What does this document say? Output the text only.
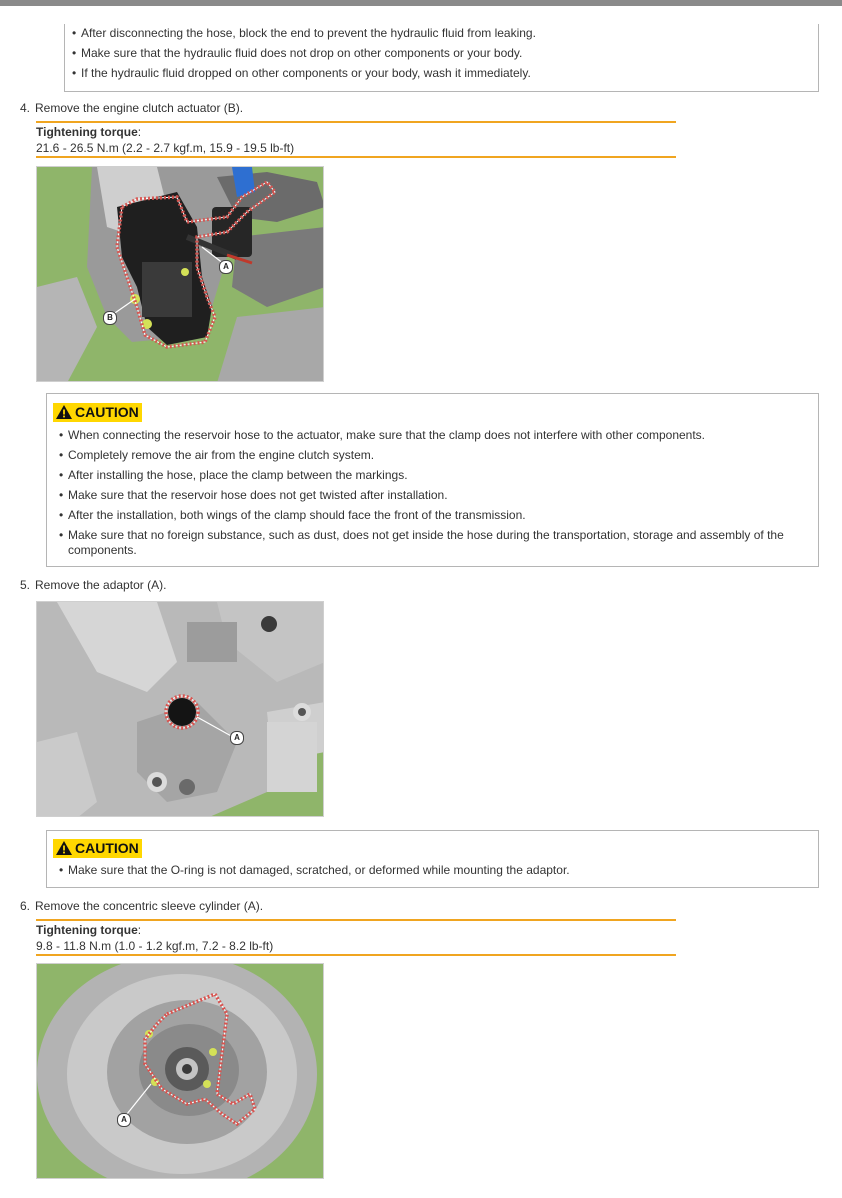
• After disconnecting the hose, block the end to prevent the hydraulic fluid from leaking.
• Make sure that the hydraulic fluid does not drop on other components or your body.
• If the hydraulic fluid dropped on other components or your body, wash it immediately.
4. Remove the engine clutch actuator (B).
Tightening torque:
21.6 - 26.5 N.m (2.2 - 2.7 kgf.m, 15.9 - 19.5 lb-ft)
A
B
CAUTION
• When connecting the reservoir hose to the actuator, make sure that the clamp does not interfere with other components.
• Completely remove the air from the engine clutch system.
• After installing the hose, place the clamp between the markings.
• Make sure that the reservoir hose does not get twisted after installation.
• After the installation, both wings of the clamp should face the front of the transmission.
• Make sure that no foreign substance, such as dust, does not get inside the hose during the transportation, storage and assembly of the components.
5. Remove the adaptor (A).
A
CAUTION
• Make sure that the O-ring is not damaged, scratched, or deformed while mounting the adaptor.
6. Remove the concentric sleeve cylinder (A).
Tightening torque:
9.8 - 11.8 N.m (1.0 - 1.2 kgf.m, 7.2 - 8.2 lb-ft)
A
